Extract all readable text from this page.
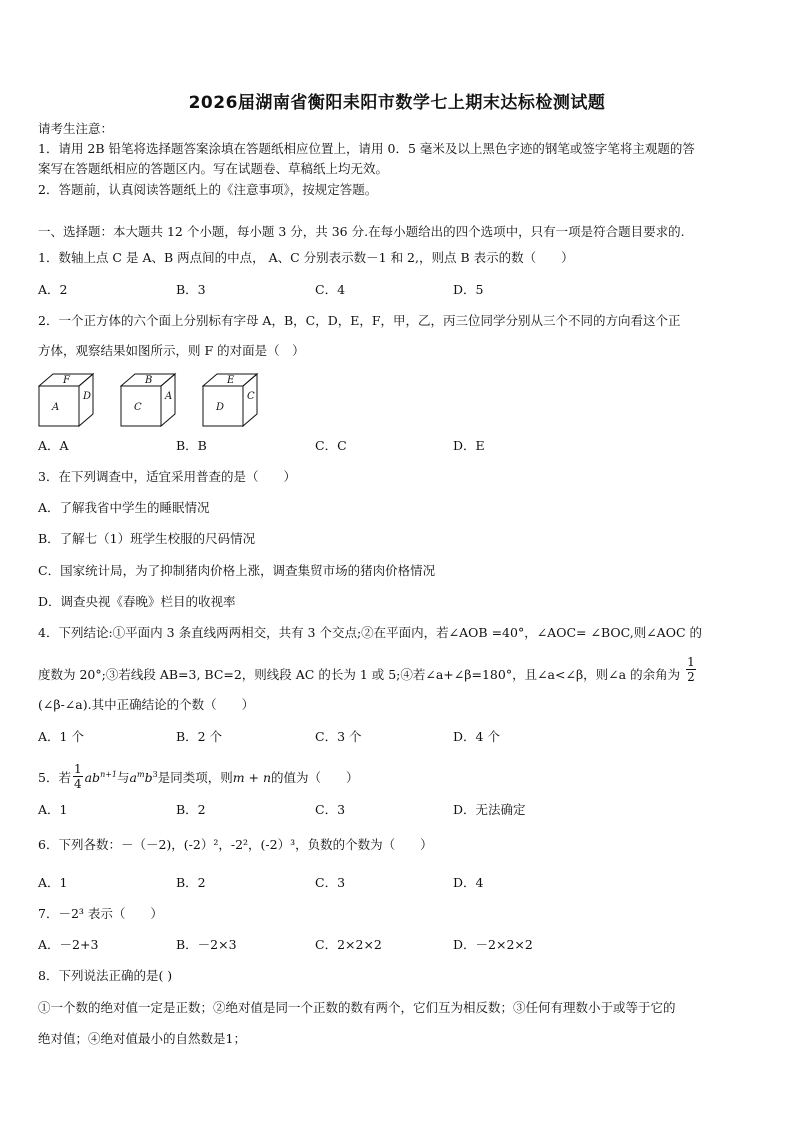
2026届湖南省衡阳耒阳市数学七上期末达标检测试题
请考生注意：
1．请用 2B 铅笔将选择题答案涂填在答题纸相应位置上，请用 0．5 毫米及以上黑色字迹的钢笔或签字笔将主观题的答
案写在答题纸相应的答题区内。写在试题卷、草稿纸上均无效。
2．答题前，认真阅读答题纸上的《注意事项》，按规定答题。
一、选择题：本大题共 12 个小题，每小题 3 分，共 36 分.在每小题给出的四个选项中，只有一项是符合题目要求的.
1．数轴上点 C 是 A、B 两点间的中点， A、C 分别表示数－1 和 2,，则点 B 表示的数（　　）
A．2	B．3	C．4	D．5
2．一个正方体的六个面上分别标有字母 A，B，C，D，E，F，甲，乙，丙三位同学分别从三个不同的方向看这个正
方体，观察结果如图所示，则 F 的对面是（　）
F
A
D
B
C
A
E
D
C
A．A	B．B	C．C	D．E
3．在下列调查中，适宜采用普查的是（　　）
A．了解我省中学生的睡眠情况
B．了解七（1）班学生校服的尺码情况
C．国家统计局，为了抑制猪肉价格上涨，调查集贸市场的猪肉价格情况
D．调查央视《春晚》栏目的收视率
4．下列结论:①平面内 3 条直线两两相交，共有 3 个交点;②在平面内，若∠AOB =40°，∠AOC= ∠BOC,则∠AOC 的
度数为 20°;③若线段 AB=3, BC=2，则线段 AC 的长为 1 或 5;④若∠a+∠β=180°，且∠a<∠β，则∠a 的余角为 $\frac{1}{2}$
(∠β-∠a).其中正确结论的个数（　　）
A．1 个	B．2 个	C．3 个	D．4 个
5．若 $\frac{1}{4} ab^{n+1}$与$a^mb^3$是同类项，则m + n的值为（　　）
A．1	B．2	C．3	D．无法确定
6．下列各数：－（－2)，(-2）²，-2²，(-2）³，负数的个数为（　　）
A．1	B．2	C．3	D．4
7．－2³ 表示（　　）
A．－2+3	B．－2×3	C．2×2×2	D．－2×2×2
8．下列说法正确的是( )
①一个数的绝对值一定是正数；②绝对值是同一个正数的数有两个，它们互为相反数；③任何有理数小于或等于它的
绝对值；④绝对值最小的自然数是1；
